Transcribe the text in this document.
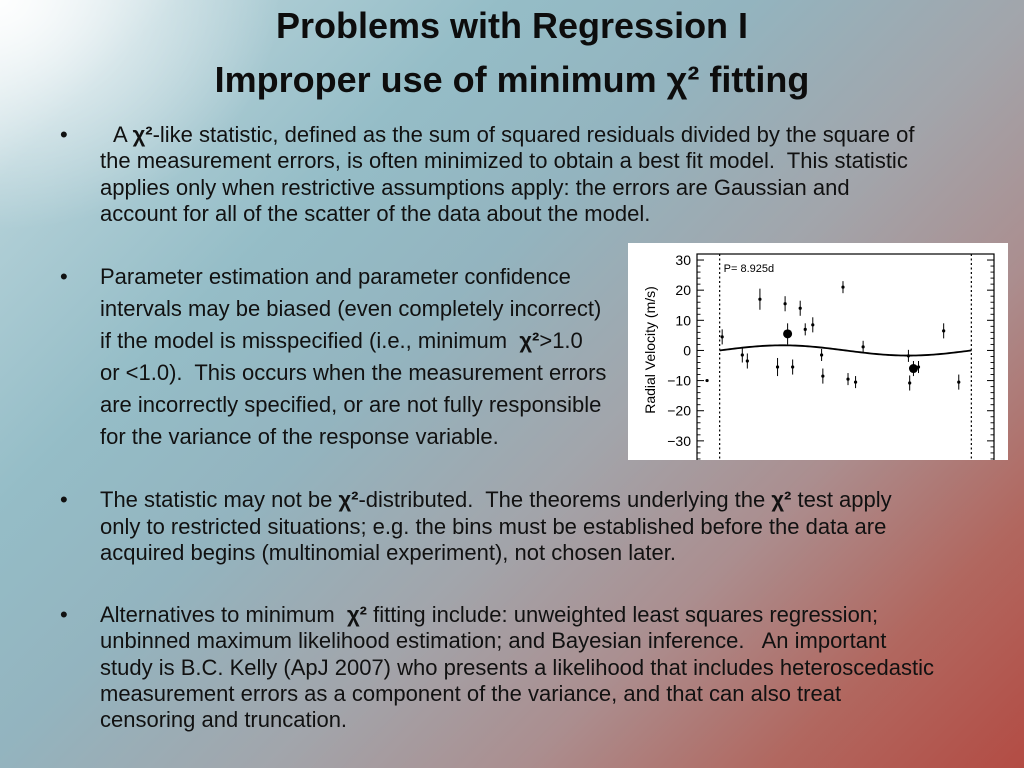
Problems with Regression I
Improper use of minimum χ² fitting
•	A χ²-like statistic, defined as the sum of squared residuals divided by the square of
the measurement errors, is often minimized to obtain a best fit model.  This statistic
applies only when restrictive assumptions apply: the errors are Gaussian and
account for all of the scatter of the data about the model.
• Parameter estimation and parameter confidence
intervals may be biased (even completely incorrect)
if the model is misspecified (i.e., minimum  χ²>1.0
or <1.0).  This occurs when the measurement errors
are incorrectly specified, or are not fully responsible
for the variance of the response variable.
30
20
10
0
−10
−20
−30
Radial Velocity (m/s)
P= 8.925d
• The statistic may not be χ²-distributed.  The theorems underlying the χ² test apply
only to restricted situations; e.g. the bins must be established before the data are
acquired begins (multinomial experiment), not chosen later.
• Alternatives to minimum  χ² fitting include: unweighted least squares regression;
unbinned maximum likelihood estimation; and Bayesian inference.   An important
study is B.C. Kelly (ApJ 2007) who presents a likelihood that includes heteroscedastic
measurement errors as a component of the variance, and that can also treat
censoring and truncation.
